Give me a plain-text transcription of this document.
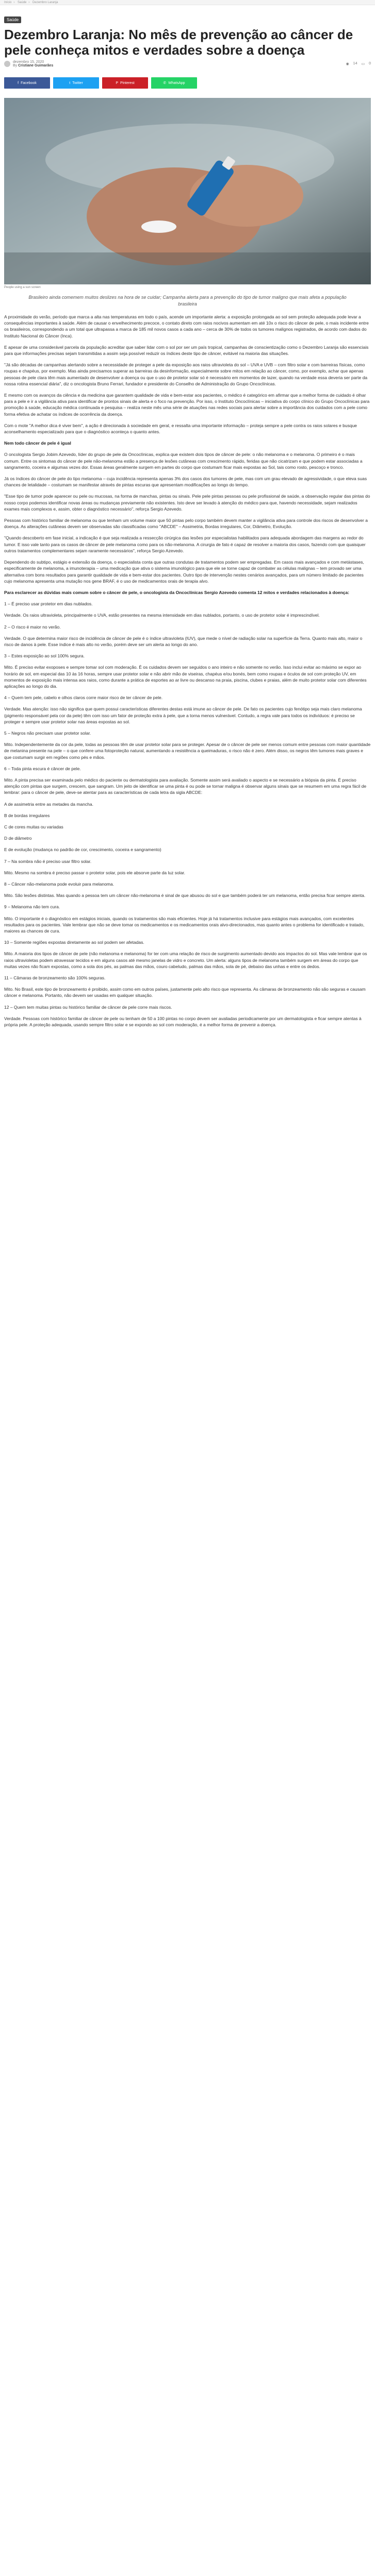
Início › Saúde › Dezembro Laranja
Saúde
Dezembro Laranja: No mês de prevenção ao câncer de pele conheça mitos e verdades sobre a doença
dezembro 15, 2020
By Cristiane Guimarães	◉ 14 ▭ 0
f Facebook	t Twitter	P Pinterest	✆ WhatsApp
People using a sun screen
Brasileiro ainda comemem muitos deslizes na hora de se cuidar; Campanha alerta para a prevenção do tipo de tumor maligno que mais afeta a população brasileira

A proximidade do verão, período que marca a alta nas temperaturas em todo o país, acende um importante alerta: a exposição prolongada ao sol sem proteção adequada pode levar a consequências importantes à saúde. Além de causar o envelhecimento precoce, o contato direto com raios nocivos aumentam em até 10x o risco do câncer de pele, o mais incidente entre os brasileiros, correspondendo a um total que ultrapassa a marca de 185 mil novos casos a cada ano – cerca de 30% de todos os tumores malignos registrados, de acordo com dados do Instituto Nacional do Câncer (Inca).

E apesar de uma considerável parcela da população acreditar que saber lidar com o sol por ser um país tropical, campanhas de conscientização como o Dezembro Laranja são essenciais para que informações precisas sejam transmitidas a assim seja possível reduzir os índices deste tipo de câncer, evitável na maioria das situações.

"Já são décadas de campanhas alertando sobre a necessidade de proteger a pele da exposição aos raios ultravioleta do sol – UVA e UVB – com filtro solar e com barreiras físicas, como roupas e chapéus, por exemplo. Mas ainda precisamos superar as barreiras da desinformação, especialmente sobre mitos em relação ao câncer, como, por exemplo, achar que apenas pessoas de pele clara têm mais aumentado de desenvolver a doença ou que o uso de protetor solar só é necessário em momentos de lazer, quando na verdade essa deveria ser parte da nossa rotina essencial diária", diz o oncologista Bruno Ferrari, fundador e presidente do Conselho de Administração do Grupo Oncoclínicas.

E mesmo com os avanços da ciência e da medicina que garantem qualidade de vida e bem-estar aos pacientes, o médico é categórico em afirmar que a melhor forma de cuidado é olhar para a pele e ir a vigilância ativa para identificar de prontos sinais de alerta e o foco na prevenção. Por isso, o Instituto Oncoclínicas – iniciativa do corpo clínico do Grupo Oncoclínicas para promoção à saúde, educação médica continuada e pesquisa – realiza neste mês uma série de atuações nas redes sociais para alertar sobre a importância dos cuidados com a pele como forma efetiva de achatar os índices de ocorrência da doença.

Com o mote "A melhor dica é viver bem", a ação é direcionada à sociedade em geral, e ressalta uma importante informação – proteja sempre a pele contra os raios solares e busque aconselhamento especializado para que o diagnóstico aconteça o quanto antes.

Nem todo câncer de pele é igual

O oncologista Sergio Jobim Azevedo, líder do grupo de pele da Oncoclínicas, explica que existem dois tipos de câncer de pele: o não melanoma e o melanoma. O primeiro é o mais comum. Entre os sintomas do câncer de pele não-melanoma estão a presença de lesões cutâneas com crescimento rápido, feridas que não cicatrizam e que podem estar associadas a sangramento, coceira e algumas vezes dor. Essas áreas geralmente surgem em partes do corpo que costumam ficar mais expostas ao Sol, tais como rosto, pescoço e tronco.

Já os índices do câncer de pele do tipo melanoma – cuja incidência representa apenas 3% dos casos dos tumores de pele, mas com um grau elevado de agressividade, o que eleva suas chances de letalidade – costumam se manifestar através de pintas escuras que apresentam modificações ao longo do tempo.

"Esse tipo de tumor pode aparecer ou pele ou mucosas, na forma de manchas, pintas ou sinais. Pele pele pintas pessoas ou pele profissional de saúde, a observação regular das pintas do nosso corpo podemos identificar novas áreas ou mudanças previamente não existentes. Isto deve ser levado à atenção do médico para que, havendo necessidade, sejam realizados exames mais complexos e, assim, obter o diagnóstico necessário", reforça Sergio Azevedo.

Pessoas com histórico familiar de melanoma ou que tenham um volume maior que 50 pintas pelo corpo também devem manter a vigilância ativa para controle dos riscos de desenvolver a doença. As alterações cutâneas devem ser observadas são classificadas como "ABCDE" – Assimetria, Bordas irregulares, Cor, Diâmetro, Evolução.

"Quando descoberto em fase inicial, a indicação é que seja realizada a ressecção cirúrgica das lesões por especialistas habilitados para adequada abordagem das margens ao redor do tumor. E isso vale tanto para os casos de câncer de pele melanoma como para os não-melanoma. A cirurgia de fato é capaz de resolver a maioria dos casos, fazendo com que quaisquer outros tratamentos complementares sejam raramente necessários", reforça Sergio Azevedo.

Dependendo do subtipo, estágio e extensão da doença, o especialista conta que outras condutas de tratamentos podem ser empregadas. Em casos mais avançados e com metástases, especificamente de melanoma, a imunoterapia – uma medicação que ativa o sistema imunológico para que ele se torne capaz de combater as células malignas – tem provado ser uma alternativa com bons resultados para garantir qualidade de vida e bem-estar dos pacientes. Outro tipo de intervenção nestes cenários avançados, para um número limitado de pacientes cujo melanoma apresenta uma mutação nos gene BRAF, é o uso de medicamentos orais de terapia alvo.

Para esclarecer as dúvidas mais comum sobre o câncer de pele, o oncologista da Oncoclínicas Sergio Azevedo comenta 12 mitos e verdades relacionados à doença:

1 – É preciso usar protetor em dias nublados.

Verdade. Os raios ultravioleta, principalmente o UVA, estão presentes na mesma intensidade em dias nublados, portanto, o uso de protetor solar é imprescindível.

2 – O risco é maior no verão.

Verdade. O que determina maior risco de incidência de câncer de pele é o índice ultravioleta (IUV), que mede o nível de radiação solar na superfície da Terra. Quanto mais alto, maior o risco de danos à pele. Esse índice é mais alto no verão, porém deve ser um alerta ao longo do ano.

3 – Estes exposição ao sol 100% segura.

Mito. É preciso evitar exoposes e sempre tomar sol com moderação. É os cuidados devem ser seguidos o ano inteiro e não somente no verão. Isso inclui evitar ao máximo se expor ao horário de sol, em especial das 10 às 16 horas, sempre usar protetor solar e não abrir mão de viseiras, chapéus e/ou bonés, bem como roupas e óculos de sol com proteção UV, em momentos de exposição mais intensa aos raios, como durante a prática de esportes ao ar livre ou descanso na praia, piscina, clubes e praias, além de muito protetor solar com diferentes aplicações ao longo do dia.

4 – Quem tem pele, cabelo e olhos claros corre maior risco de ter câncer de pele.

Verdade. Mas atenção: isso não significa que quem possui características diferentes destas está imune ao câncer de pele. De fato os pacientes cujo fenótipo seja mais claro melanoma (pigmento responsável pela cor da pele) têm com isso um fator de proteção extra à pele, que a torna menos vulnerável. Contudo, a regra vale para todos os indivíduos: é preciso se proteger e sempre usar protetor solar nas áreas expostas ao sol.

5 – Negros não precisam usar protetor solar.

Mito. Independentemente da cor da pele, todas as pessoas têm de usar protetor solar para se proteger. Apesar de o câncer de pele ser menos comum entre pessoas com maior quantidade de melanina presente na pele – o que confere uma fotoproteção natural, aumentando a resistência a queimaduras, o risco não é zero. Além disso, os negros têm tumores mais graves e que costumam surgir em regiões como pés e mãos.

6 – Toda pinta escura é câncer de pele.

Mito. A pinta precisa ser examinada pelo médico do paciente ou dermatologista para avaliação. Somente assim será avaliado o aspecto e se necessário a biópsia da pinta. É preciso atenção com pintas que surgem, crescem, que sangram. Um jeito de identificar se uma pinta é ou pode se tornar maligna é observar alguns sinais que se resumem em uma regra fácil de lembrar: para o câncer de pele, deve-se atentar para as características de cada letra da sigla ABCDE:

A de assimetria entre as metades da mancha.

B de bordas irregulares

C de cores muitas ou variadas

D de diâmetro

E de evolução (mudança no padrão de cor, crescimento, coceira e sangramento)

7 – Na sombra não é preciso usar filtro solar.

Mito. Mesmo na sombra é preciso passar o protetor solar, pois ele absorve parte da luz solar.

8 – Câncer não-melanoma pode evoluir para melanoma.

Mito. São lesões distintas. Mas quando a pessoa tem um câncer não-melanoma é sinal de que abusou do sol e que também poderá ter um melanoma, então precisa ficar sempre atenta.

9 – Melanoma não tem cura.

Mito. O importante é o diagnóstico em estágios iniciais, quando os tratamentos são mais eficientes. Hoje já há tratamentos inclusive para estágios mais avançados, com excelentes resultados para os pacientes. Vale lembrar que não se deve tomar os medicamentos e os medicamentos orais alvo-direcionados, mas quanto antes o problema for identificado e tratado, maiores as chances de cura.

10 – Somente regiões expostas diretamente ao sol podem ser afetadas.

Mito. A maioria dos tipos de câncer de pele (não melanoma e melanoma) for ter com uma relação de risco de surgimento aumentado devido aos impactos do sol. Mas vale lembrar que os raios ultravioletas podem atravessar tecidos e em alguns casos até mesmo janelas de vidro e concreto. Um alerta: alguns tipos de melanoma também surgem em áreas do corpo que muitas vezes não ficam expostas, como a sola dos pés, as palmas das mãos, couro cabeludo, palmas das mãos, sola de pé, debaixo das unhas e entre os dedos.

11 – Câmaras de bronzeamento são 100% seguras.

Mito. No Brasil, este tipo de bronzeamento é proibido, assim como em outros países, justamente pelo alto risco que representa. As câmaras de bronzeamento não são seguras e causam câncer e melanoma. Portanto, não devem ser usadas em qualquer situação.

12 – Quem tem muitas pintas ou histórico familiar de câncer de pele corre mais riscos.

Verdade. Pessoas com histórico familiar de câncer de pele ou tenham de 50 a 100 pintas no corpo devem ser avaliadas periodicamente por um dermatologista e ficar sempre atentas à própria pele. A proteção adequada, usando sempre filtro solar e se expondo ao sol com moderação, é a melhor forma de prevenir a doença.
